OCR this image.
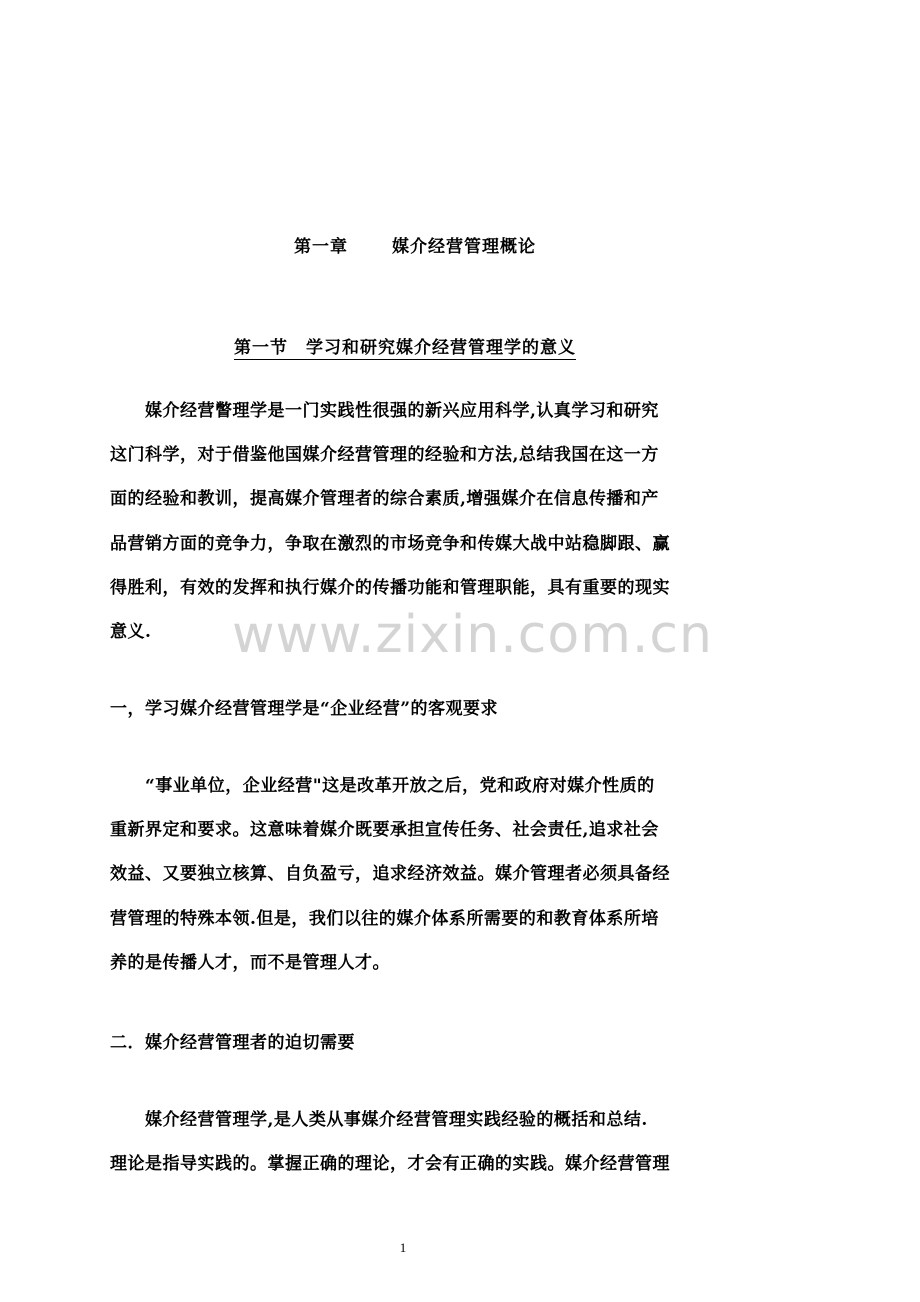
第一章	媒介经营管理概论
第一节 学习和研究媒介经营管理学的意义
　　媒介经营瞥理学是一门实践性很强的新兴应用科学,认真学习和研究
这门科学，对于借鉴他国媒介经营管理的经验和方法,总结我国在这一方
面的经验和教训，提高媒介管理者的综合素质,增强媒介在信息传播和产
品营销方面的竞争力，争取在激烈的市场竞争和传媒大战中站稳脚跟、赢
得胜利，有效的发挥和执行媒介的传播功能和管理职能，具有重要的现实
意义.
一，学习媒介经营管理学是“企业经营”的客观要求
　　“事业单位，企业经营"这是改革开放之后，党和政府对媒介性质的
重新界定和要求。这意味着媒介既要承担宣传任务、社会责任,追求社会
效益、又要独立核算、自负盈亏，追求经济效益。媒介管理者必须具备经
营管理的特殊本领.但是，我们以往的媒介体系所需要的和教育体系所培
养的是传播人才，而不是管理人才。
二．媒介经营管理者的迫切需要
　　媒介经营管理学,是人类从事媒介经营管理实践经验的概括和总结.
理论是指导实践的。掌握正确的理论，才会有正确的实践。媒介经营管理
www.zixin.com.cn
1
